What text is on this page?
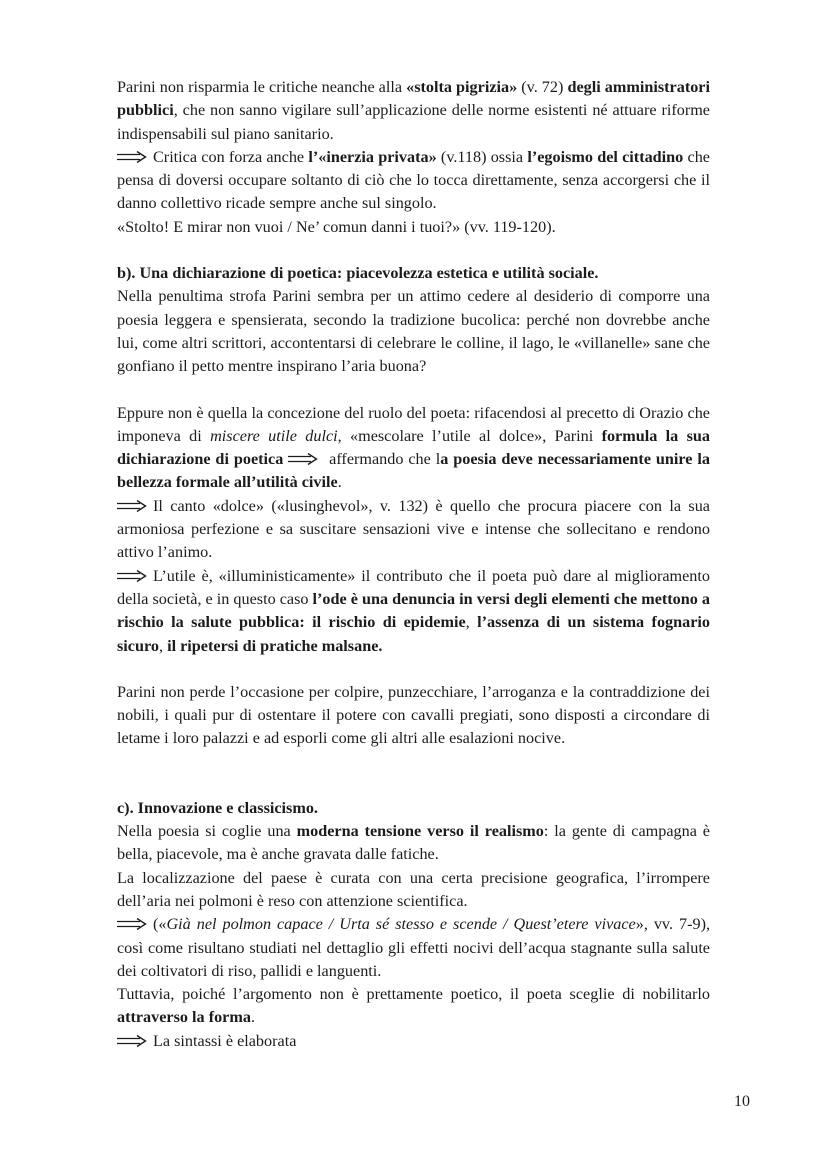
Parini non risparmia le critiche neanche alla «stolta pigrizia» (v. 72) degli amministratori pubblici, che non sanno vigilare sull’applicazione delle norme esistenti né attuare riforme indispensabili sul piano sanitario.

Critica con forza anche l’«inerzia privata» (v.118) ossia l’egoismo del cittadino che pensa di doversi occupare soltanto di ciò che lo tocca direttamente, senza accorgersi che il danno collettivo ricade sempre anche sul singolo.

«Stolto! E mirar non vuoi / Ne’ comun danni i tuoi?» (vv. 119-120).

b). Una dichiarazione di poetica: piacevolezza estetica e utilità sociale.

Nella penultima strofa Parini sembra per un attimo cedere al desiderio di comporre una poesia leggera e spensierata, secondo la tradizione bucolica: perché non dovrebbe anche lui, come altri scrittori, accontentarsi di celebrare le colline, il lago, le «villanelle» sane che gonfiano il petto mentre inspirano l’aria buona?

Eppure non è quella la concezione del ruolo del poeta: rifacendosi al precetto di Orazio che imponeva di miscere utile dulci, «mescolare l’utile al dolce», Parini formula la sua dichiarazione di poetica	affermando che la poesia deve necessariamente unire la bellezza formale all’utilità civile.

Il canto «dolce» («lusinghevol», v. 132) è quello che procura piacere con la sua armoniosa perfezione e sa suscitare sensazioni vive e intense che sollecitano e rendono attivo l’animo.

L’utile è, «illuministicamente» il contributo che il poeta può dare al miglioramento della società, e in questo caso l’ode è una denuncia in versi degli elementi che mettono a rischio la salute pubblica: il rischio di epidemie, l’assenza di un sistema fognario sicuro, il ripetersi di pratiche malsane.

Parini non perde l’occasione per colpire, punzecchiare, l’arroganza e la contraddizione dei nobili, i quali pur di ostentare il potere con cavalli pregiati, sono disposti a circondare di letame i loro palazzi e ad esporli come gli altri alle esalazioni nocive.

c). Innovazione e classicismo.

Nella poesia si coglie una moderna tensione verso il realismo: la gente di campagna è bella, piacevole, ma è anche gravata dalle fatiche.

La localizzazione del paese è curata con una certa precisione geografica, l’irrompere dell’aria nei polmoni è reso con attenzione scientifica.

(«Già nel polmon capace / Urta sé stesso e scende / Quest’etere vivace», vv. 7-9), così come risultano studiati nel dettaglio gli effetti nocivi dell’acqua stagnante sulla salute dei coltivatori di riso, pallidi e languenti.

Tuttavia, poiché l’argomento non è prettamente poetico, il poeta sceglie di nobilitarlo attraverso la forma.

La sintassi è elaborata

10
